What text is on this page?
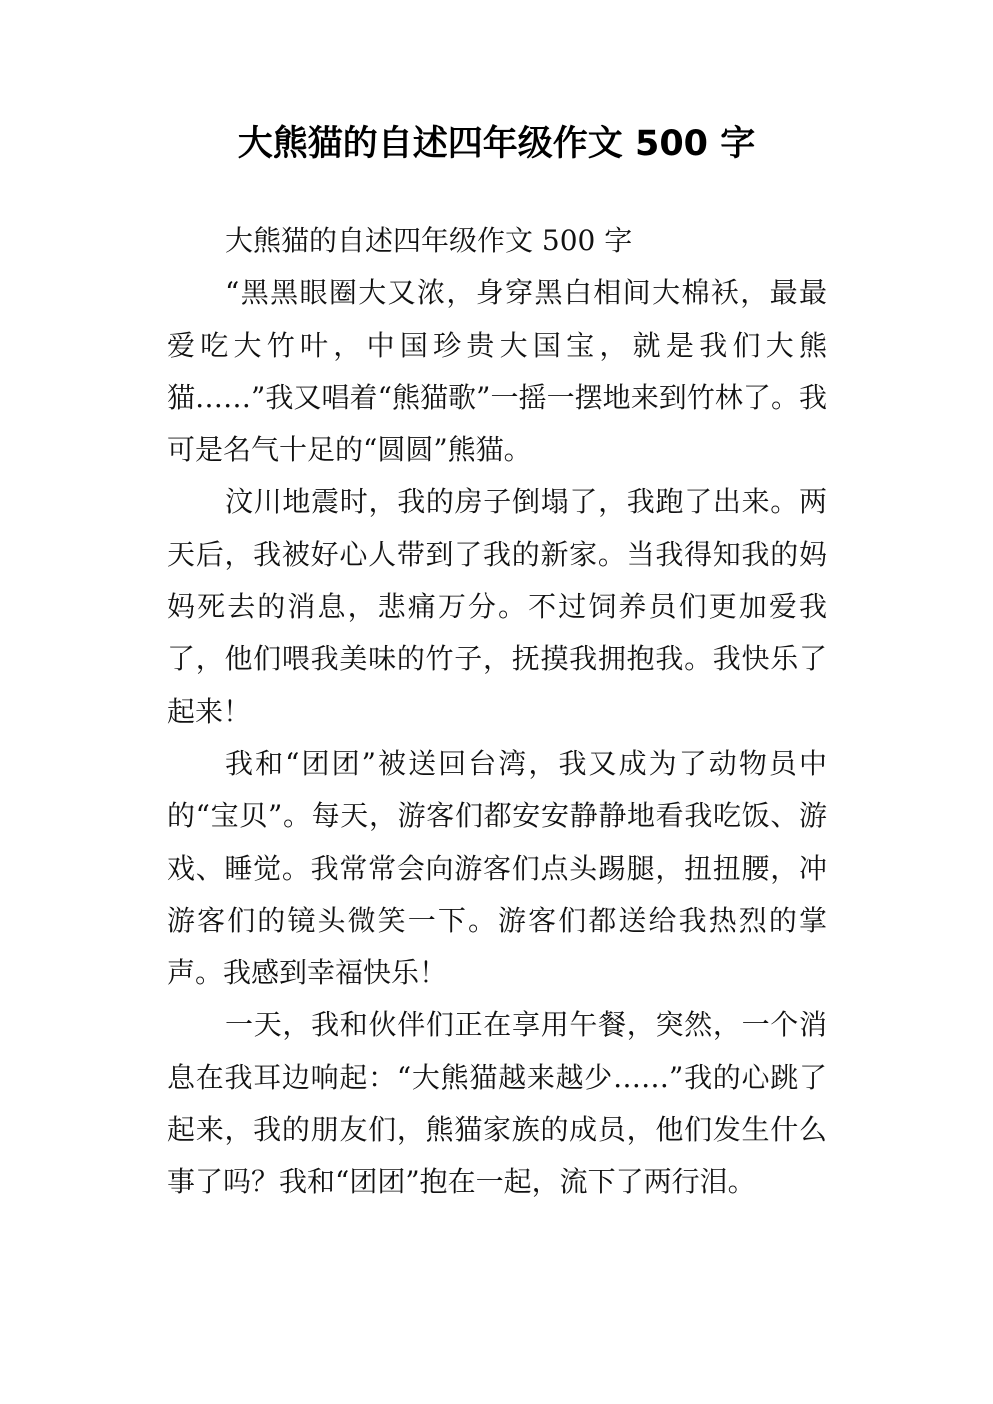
大熊猫的自述四年级作文 500 字

大熊猫的自述四年级作文 500 字

“黑黑眼圈大又浓，身穿黑白相间大棉袄，最最爱吃大竹叶，中国珍贵大国宝，就是我们大熊猫……”我又唱着“熊猫歌”一摇一摆地来到竹林了。我可是名气十足的“圆圆”熊猫。

汶川地震时，我的房子倒塌了，我跑了出来。两天后，我被好心人带到了我的新家。当我得知我的妈妈死去的消息，悲痛万分。不过饲养员们更加爱我了，他们喂我美味的竹子，抚摸我拥抱我。我快乐了起来！

我和“团团”被送回台湾，我又成为了动物员中的“宝贝”。每天，游客们都安安静静地看我吃饭、游戏、睡觉。我常常会向游客们点头踢腿，扭扭腰，冲游客们的镜头微笑一下。游客们都送给我热烈的掌声。我感到幸福快乐！

一天，我和伙伴们正在享用午餐，突然，一个消息在我耳边响起：“大熊猫越来越少……”我的心跳了起来，我的朋友们，熊猫家族的成员，他们发生什么事了吗？我和“团团”抱在一起，流下了两行泪。
